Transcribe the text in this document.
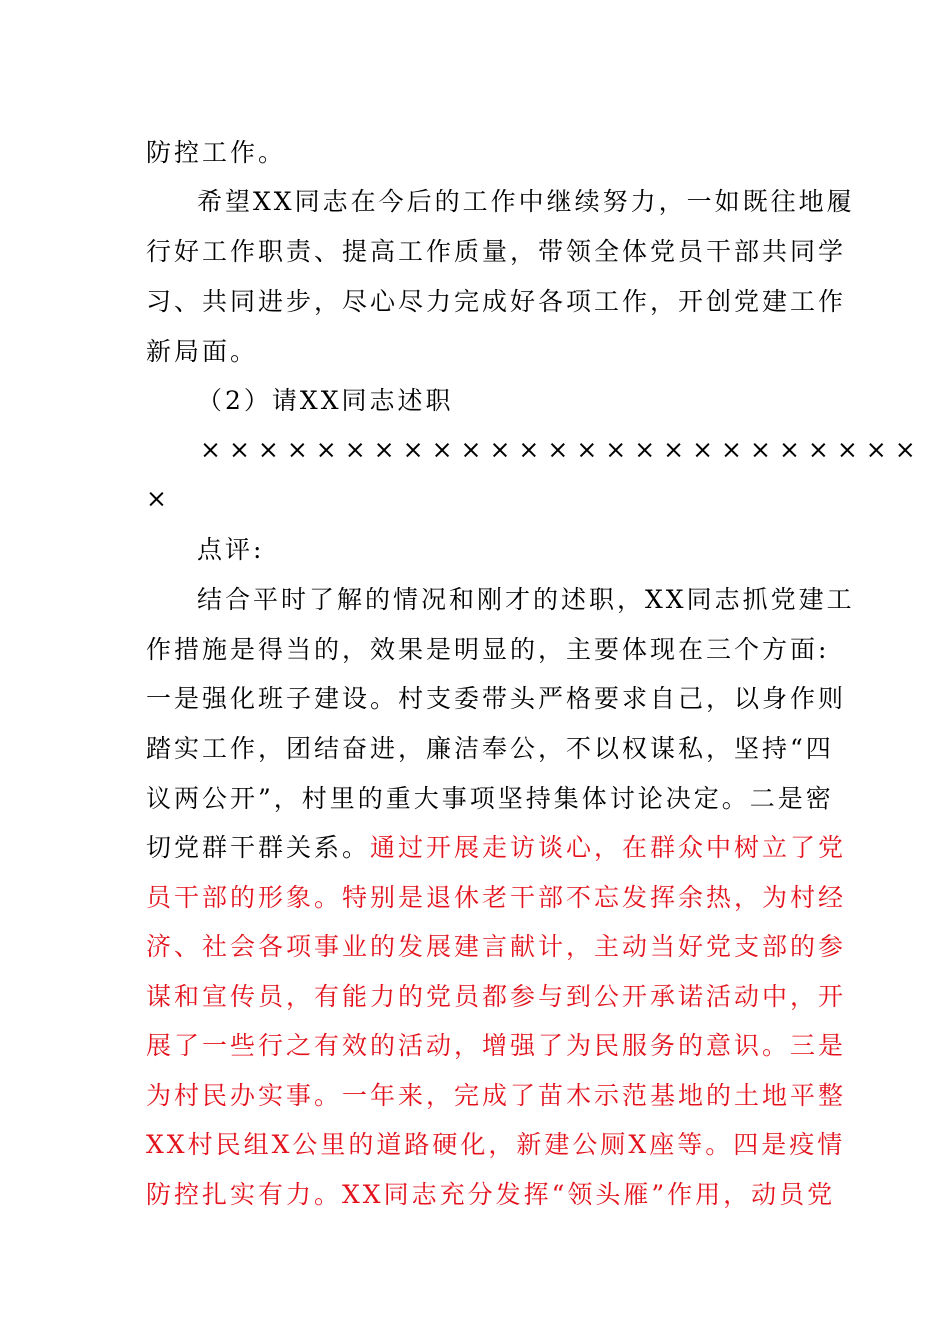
防控工作。
希望XX同志在今后的工作中继续努力，一如既往地履
行好工作职责、提高工作质量，带领全体党员干部共同学
习、共同进步，尽心尽力完成好各项工作，开创党建工作
新局面。
（2）请XX同志述职
×××××××××××××××××××××××××
×
点评:
结合平时了解的情况和刚才的述职，XX同志抓党建工
作措施是得当的，效果是明显的，主要体现在三个方面:
一是强化班子建设。村支委带头严格要求自己，以身作则
踏实工作，团结奋进，廉洁奉公，不以权谋私，坚持“四
议两公开”，村里的重大事项坚持集体讨论决定。二是密
切党群干群关系。通过开展走访谈心，在群众中树立了党
员干部的形象。特别是退休老干部不忘发挥余热，为村经
济、社会各项事业的发展建言献计，主动当好党支部的参
谋和宣传员，有能力的党员都参与到公开承诺活动中，开
展了一些行之有效的活动，增强了为民服务的意识。三是
为村民办实事。一年来，完成了苗木示范基地的土地平整
XX村民组X公里的道路硬化，新建公厕X座等。四是疫情
防控扎实有力。XX同志充分发挥“领头雁”作用，动员党
